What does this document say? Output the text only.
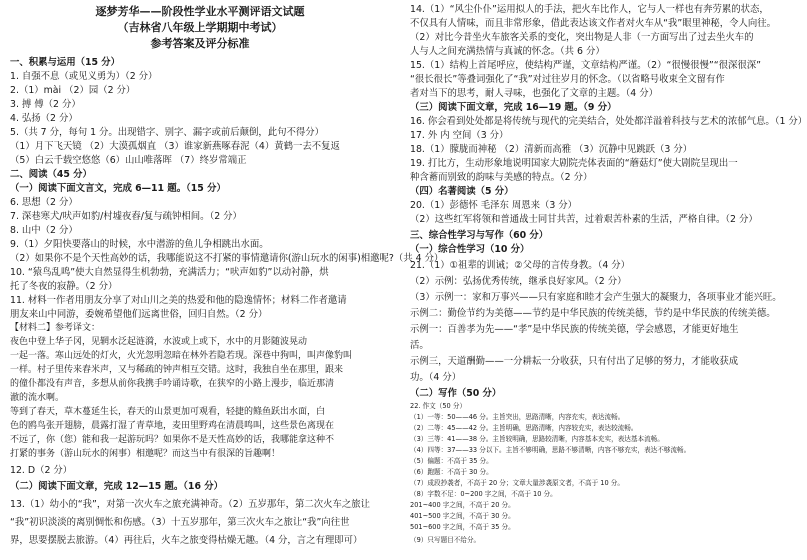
逐梦芳华——阶段性学业水平测评语文试题
（吉林省八年级上学期期中考试）
参考答案及评分标准
一、积累与运用（15 分）
1. 自强不息（或见义勇为）（2 分）
2.（1）mài （2）园（2 分）
3. 搏 傅（2 分）
4. 弘扬（2 分）
5.（共 7 分，每句 1 分。出现错字、别字、漏字或前后颠倒，此句不得分）
（1）月下飞天镜 （2）大漠孤烟直 （3）谁家新燕啄春泥（4）黄鹤一去不复返
（5）白云千载空悠悠（6）山山唯落晖 （7）终岁常端正
二、阅读（45 分）
（一）阅读下面文言文，完成 6—11 题。（15 分）
6. 思想（2 分）
7. 深巷寒犬/吠声如豹/村墟夜舂/复与疏钟相间。（2 分）
8. 山中（2 分）
9.（1）夕阳快要落山的时候，水中潜游的鱼儿争相跳出水面。
（2）如果你不是个天性高妙的话，我哪能说这不打紧的事情邀请你(游山玩水的闲事)相邀呢?（共 4 分）
10. “猿鸟乱鸣”使大自然显得生机勃勃，充满活力；“吠声如豹”以动衬静，烘
托了冬夜的寂静。（2 分）
11. 材料一作者用朋友分享了对山川之美的热爱和他的隐逸情怀；材料二作者邀请
朋友来山中同游，委婉希望他们远离世俗，回归自然。（2 分）
【材料二】参考译文：
夜色中登上华子冈，见辋水泛起涟漪，水波或上或下，水中的月影随波晃动
一起一落。寒山远处的灯火，火光忽明忽暗在林外若隐若现。深巷中狗叫，叫声像豹叫
一样。村子里传来舂米声，又与稀疏的钟声相互交错。这时，我独自坐在那里，跟来
的僮仆都没有声音，多想从前你我携手吟诵诗歌，在狭窄的小路上漫步，临近那清
澈的流水啊。
等到了春天，草木蔓延生长，春天的山景更加可观看，轻捷的鲦鱼跃出水面，白
色的鸥鸟张开翅膀，晨露打湿了青草地，麦田里野鸡在清晨鸣叫，这些景色离现在
不远了，你（您）能和我一起游玩吗？如果你不是天性高妙的话，我哪能拿这种不
打紧的事务（游山玩水的闲事）相邀呢？而这当中有很深的旨趣啊！
12. D（2 分）
（二）阅读下面文章，完成 12—15 题。（16 分）
13.（1）幼小的“我”，对第一次火车之旅充满神奇。（2）五岁那年，第二次火车之旅让
“我”初识淡淡的离别惆怅和伤感。（3）十五岁那年，第三次火车之旅让“我”向往世
界，思要摆脱去旅游。（4）再往后，火车之旅变得枯燥无趣。（4 分，言之有理即可）
14.（1）“风尘仆仆”运用拟人的手法，把火车比作人，它与人一样也有奔劳累的状态，
不仅具有人情味，而且非常形象，借此表达该文作者对火车从“我”眼里神秘，令人向往。
（2）对比今昔坐火车旅客关系的变化，突出物是人非（一方面写出了过去坐火车的
人与人之间充满热情与真诚的怀念。（共 6 分）
15.（1）结构上首尾呼应，使结构严谨，文章结构严谨。（2）“很慢很慢”“很深很深”
“很长很长”等叠词强化了“我”对过往岁月的怀念。（以省略号收束全文留有作
者对当下的思考，耐人寻味，也强化了文章的主题。（4 分）
（三）阅读下面文章，完成 16—19 题。（9 分）
16. 你会看到处处都是将传统与现代的完美结合，处处都洋溢着科技与艺术的浓郁气息。（1 分）
17. 外 内 空间（3 分）
18.（1）朦胧而神秘 （2）清新而高雅 （3）沉静中见跳跃（3 分）
19. 打比方，生动形象地说明国家大剧院壳体表面的“蘑菇灯”使大剧院呈现出一
种含蓄而别致的韵味与美感的特点。（2 分）
（四）名著阅读（5 分）
20.（1）彭德怀 毛泽东 周恩来（3 分）
（2）这些红军将领和普通战士同甘共苦，过着艰苦朴素的生活，严格自律。（2 分）
三、综合性学习与写作（60 分）
（一）综合性学习（10 分）
21.（1）①祖辈的训诫；②父母的言传身教。（4 分）
（2）示例：弘扬优秀传统，继承良好家风。（2 分）
（3）示例一：家和万事兴——只有家庭和睦才会产生强大的凝聚力，各项事业才能兴旺。
示例二：勤俭节约为美德——节约是中华民族的传统美德，节约是中华民族的传统美德。
示例一：百善孝为先——“孝”是中华民族的传统美德，学会感恩，才能更好地生
活。
示例三，天道酬勤——一分耕耘一分收获，只有付出了足够的努力，才能收获成
功。（4 分）
（二）写作（50 分）
22. 作文（50 分）
（1）一等：50——46 分。主旨突出，思路清晰，内容充实，表达流畅。
（2）二等：45——42 分。主旨明确，思路清晰，内容较充实，表达较流畅。
（3）三等：41——38 分。主旨较明确，思路较清晰，内容基本充实，表达基本流畅。
（4）四等：37——33 分以下。主旨不够明确，思路不够清晰，内容不够充实，表达不够流畅。
（5）偏题：不高于 35 分。
（6）跑题：不高于 30 分。
（7）成段抄袭者，不高于 20 分；文章大量涉袭原文者，不高于 10 分。
（8）字数不足：0~200 字之间，不高于 10 分。
201~400 字之间，不高于 20 分。
401~500 字之间，不高于 30 分。
501~600 字之间，不高于 35 分。
（9）只写题目不给分。
